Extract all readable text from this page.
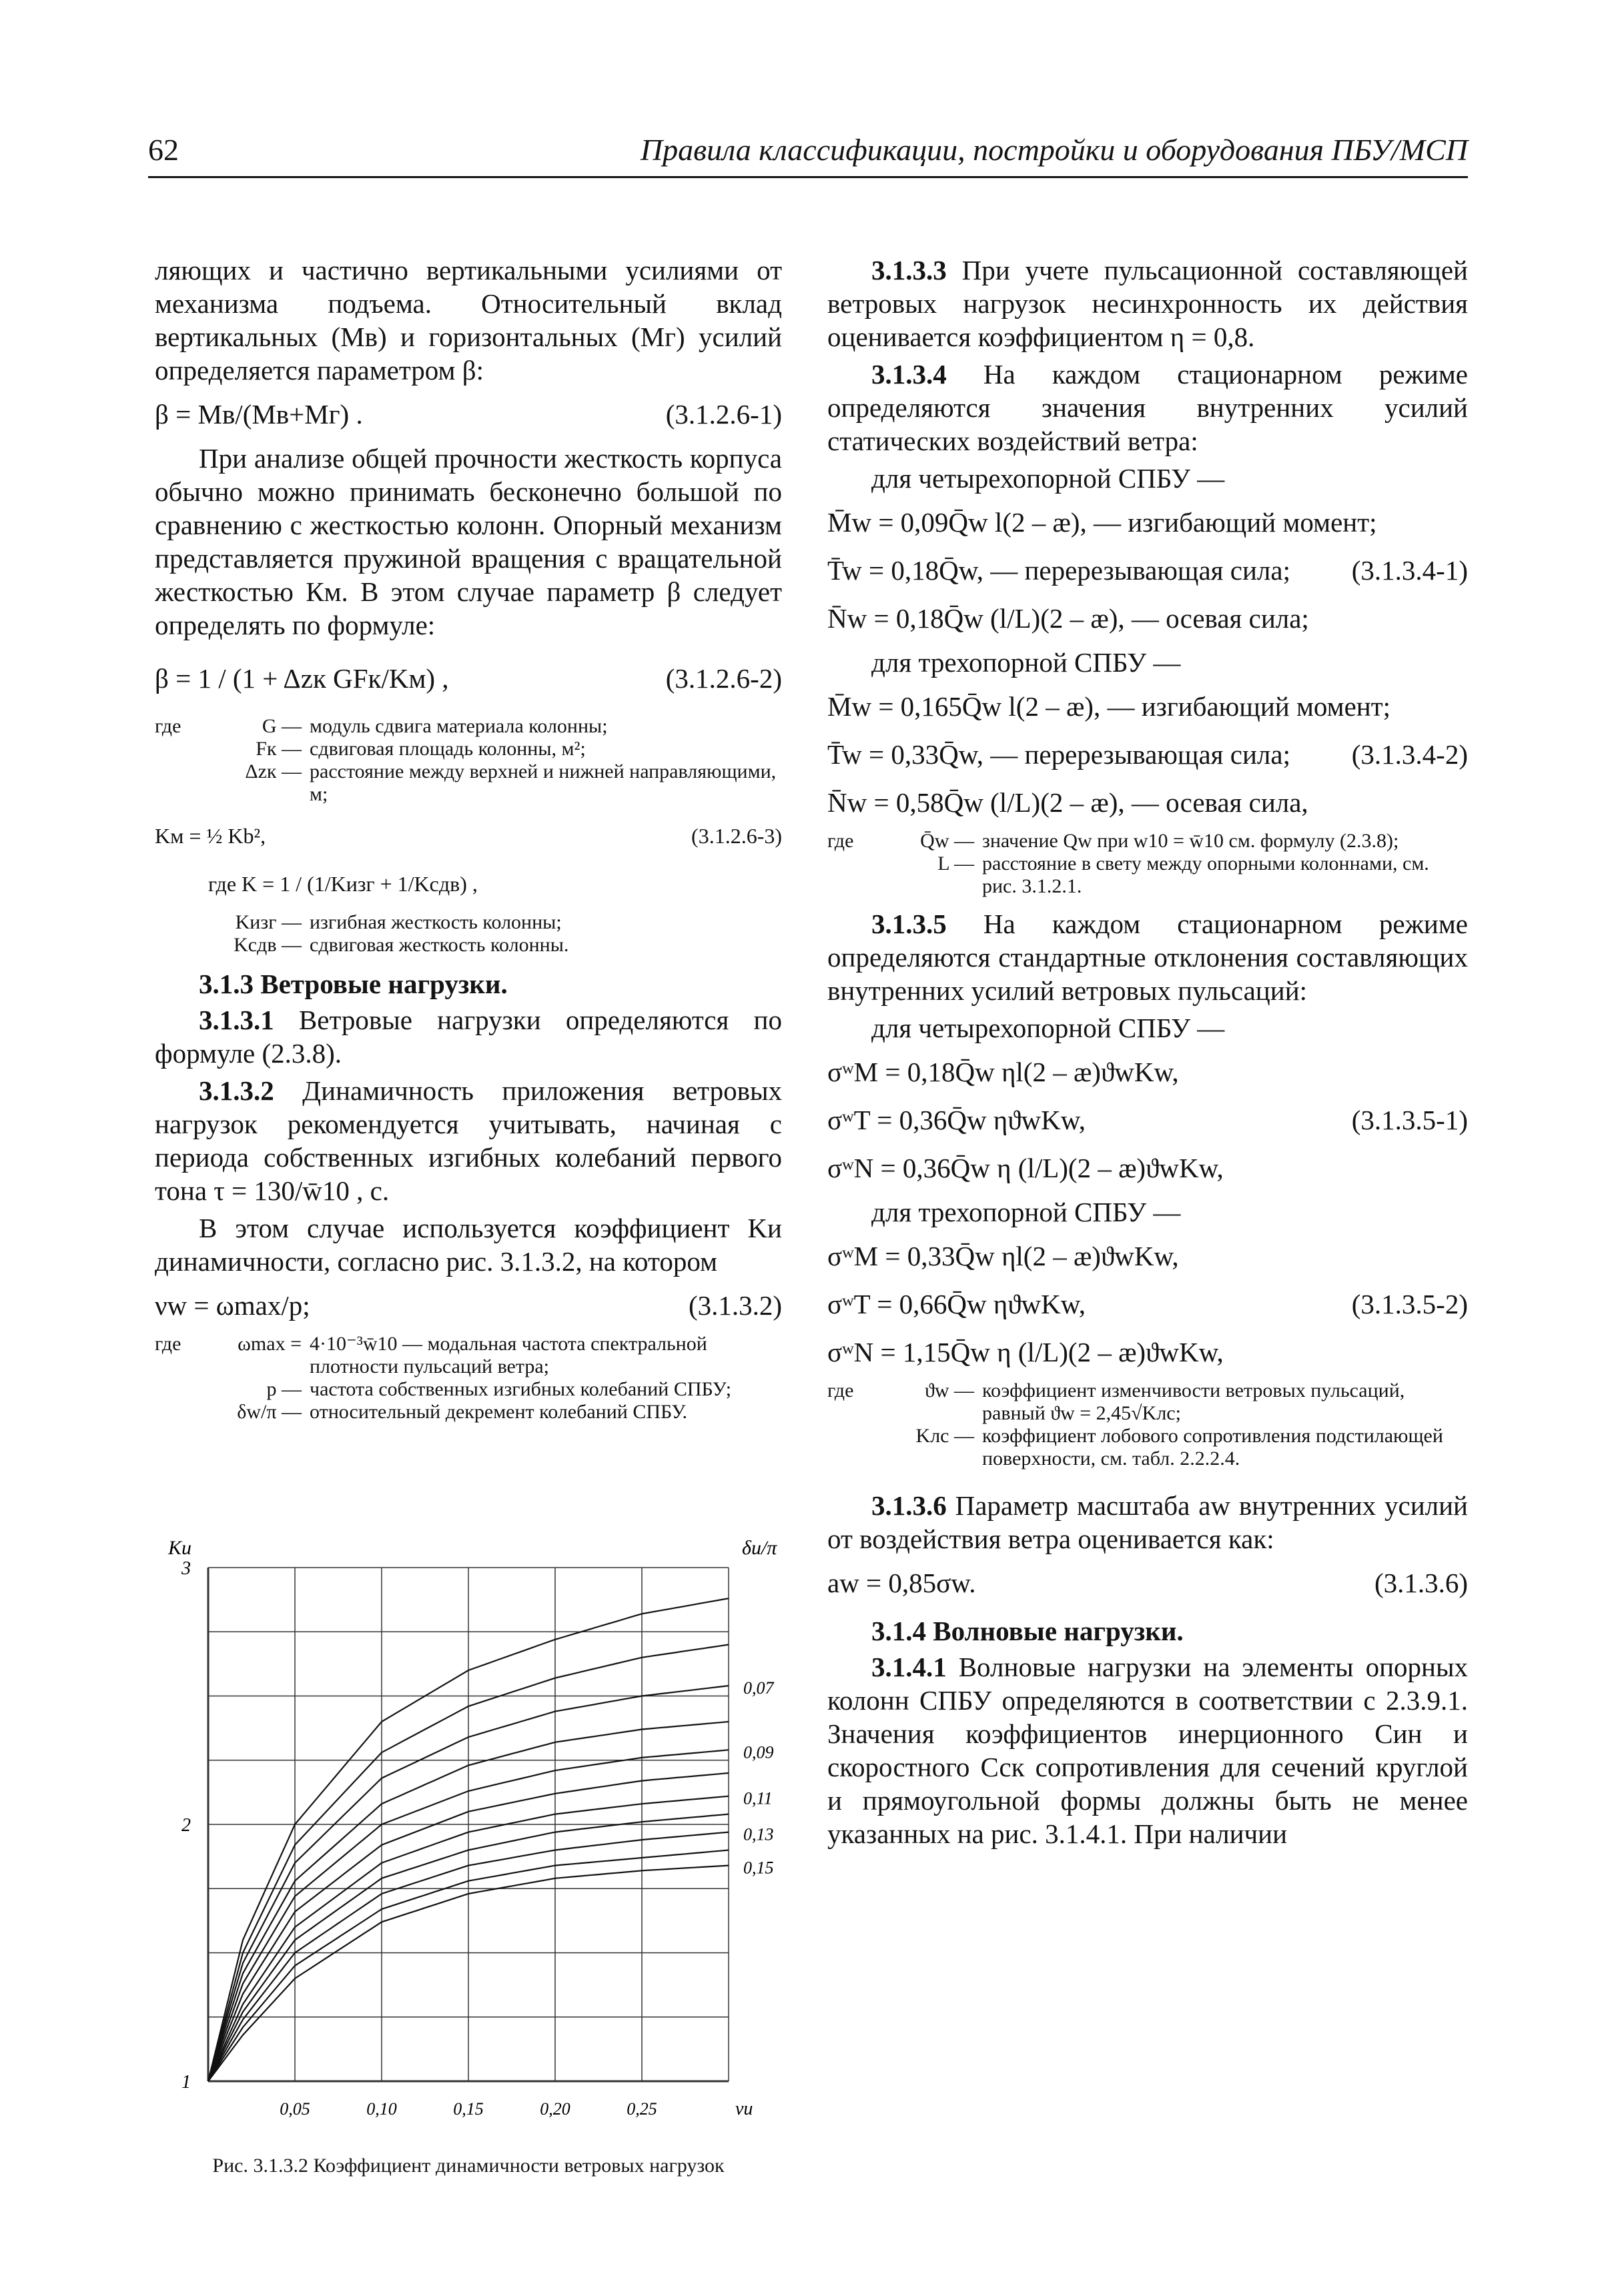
62	Правила классификации, постройки и оборудования ПБУ/МСП

ляющих и частично вертикальными усилиями от механизма подъема. Относительный вклад вертикальных (Мв) и горизонтальных (Мг) усилий определяется параметром β:

β = Мв/(Мв+Мг) .	(3.1.2.6-1)

При анализе общей прочности жесткость корпуса обычно можно принимать бесконечно большой по сравнению с жесткостью колонн. Опорный механизм представляется пружиной вращения с вращательной жесткостью Км. В этом случае параметр β следует определять по формуле:

β = 1 / (1 + Δzк GFк/Kм) ,	(3.1.2.6-2)
где	G — модуль сдвига материала колонны;
Fк — сдвиговая площадь колонны, м²;
Δzк — расстояние между верхней и нижней направляющими, м;
Kм = ½ Kb²,	(3.1.2.6-3)
где K = 1 / (1/Kизг + 1/Kсдв) ,
Kизг — изгибная жесткость колонны;
Kсдв — сдвиговая жесткость колонны.

3.1.3 Ветровые нагрузки.

3.1.3.1 Ветровые нагрузки определяются по формуле (2.3.8).

3.1.3.2 Динамичность приложения ветровых нагрузок рекомендуется учитывать, начиная с периода собственных изгибных колебаний первого тона τ = 130/w̄10 , с.

В этом случае используется коэффициент Kи динамичности, согласно рис. 3.1.3.2, на котором

νw = ωmax/p;	(3.1.3.2)
где	ωmax = 4·10⁻³w̄10 — модальная частота спектральной плотности пульсаций ветра;
p — частота собственных изгибных колебаний СПБУ;
δw/π — относительный декремент колебаний СПБУ.
Kи	δи/π
νи
1
2
3
0,05	0,10	0,15	0,20	0,25
0,07
0,09
0,11
0,13
0,15
Рис. 3.1.3.2 Коэффициент динамичности ветровых нагрузок

3.1.3.3 При учете пульсационной составляющей ветровых нагрузок несинхронность их действия оценивается коэффициентом η = 0,8.

3.1.3.4 На каждом стационарном режиме определяются значения внутренних усилий статических воздействий ветра:

для четырехопорной СПБУ —

M̄w = 0,09Q̄w l(2 – æ), — изгибающий момент;
T̄w = 0,18Q̄w, — перерезывающая сила; (3.1.3.4-1)
N̄w = 0,18Q̄w (l/L)(2 – æ), — осевая сила;

для трехопорной СПБУ —

M̄w = 0,165Q̄w l(2 – æ), — изгибающий момент;
T̄w = 0,33Q̄w, — перерезывающая сила; (3.1.3.4-2)
N̄w = 0,58Q̄w (l/L)(2 – æ), — осевая сила,
где	Q̄w — значение Qw при w10 = w̄10 см. формулу (2.3.8);
L — расстояние в свету между опорными колоннами, см. рис. 3.1.2.1.

3.1.3.5 На каждом стационарном режиме определяются стандартные отклонения составляющих внутренних усилий ветровых пульсаций:

для четырехопорной СПБУ —

σʷM = 0,18Q̄w ηl(2 – æ)ϑwKw,
σʷT = 0,36Q̄w ηϑwKw,	(3.1.3.5-1)
σʷN = 0,36Q̄w η (l/L)(2 – æ)ϑwKw,

для трехопорной СПБУ —

σʷM = 0,33Q̄w ηl(2 – æ)ϑwKw,
σʷT = 0,66Q̄w ηϑwKw,	(3.1.3.5-2)
σʷN = 1,15Q̄w η (l/L)(2 – æ)ϑwKw,
где	ϑw — коэффициент изменчивости ветровых пульсаций, равный ϑw = 2,45√Kлс;
Kлс — коэффициент лобового сопротивления подстилающей поверхности, см. табл. 2.2.2.4.

3.1.3.6 Параметр масштаба aw внутренних усилий от воздействия ветра оценивается как:

aw = 0,85σw.	(3.1.3.6)

3.1.4 Волновые нагрузки.

3.1.4.1 Волновые нагрузки на элементы опорных колонн СПБУ определяются в соответствии с 2.3.9.1. Значения коэффициентов инерционного Син и скоростного Сск сопротивления для сечений круглой и прямоугольной формы должны быть не менее указанных на рис. 3.1.4.1. При наличии
